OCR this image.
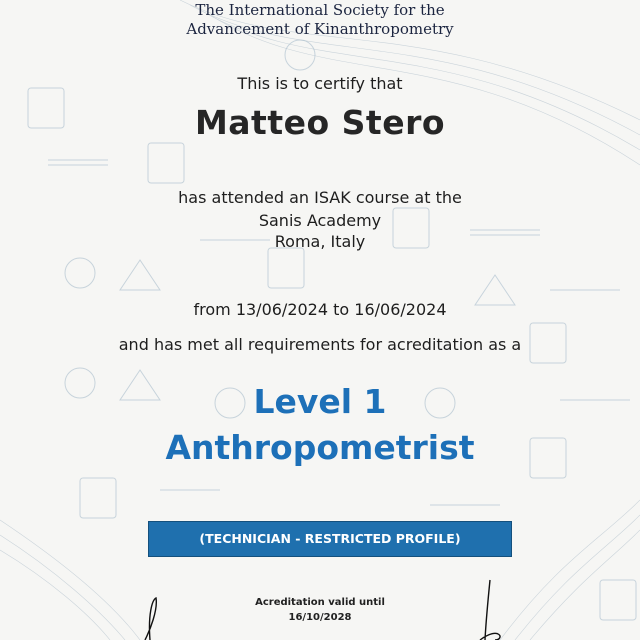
The International Society for the
Advancement of Kinanthropometry
This is to certify that
Matteo Stero
has attended an ISAK course at the
Sanis Academy
Roma, Italy
from 13/06/2024 to 16/06/2024
and has met all requirements for acreditation as a
Level 1
Anthropometrist
(TECHNICIAN - RESTRICTED PROFILE)
Acreditation valid until
16/10/2028
